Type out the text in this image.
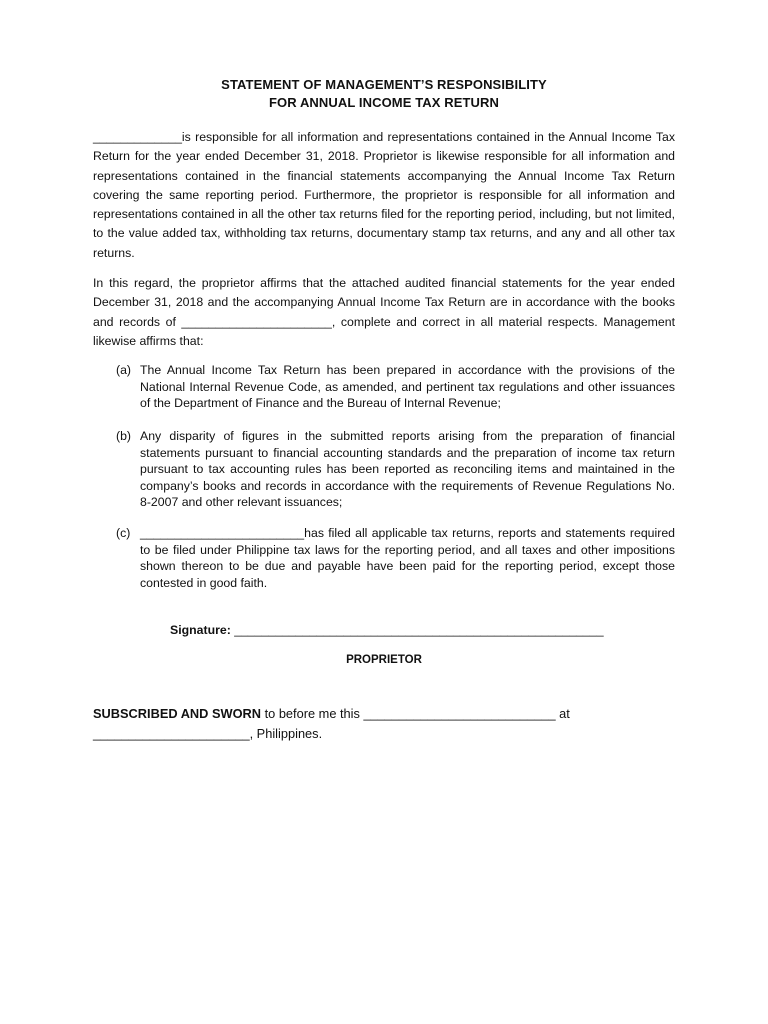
STATEMENT OF MANAGEMENT’S RESPONSIBILITY
FOR ANNUAL INCOME TAX RETURN

_____________is responsible for all information and representations contained in the Annual Income Tax Return for the year ended December 31, 2018. Proprietor is likewise responsible for all information and representations contained in the financial statements accompanying the Annual Income Tax Return covering the same reporting period. Furthermore, the proprietor is responsible for all information and representations contained in all the other tax returns filed for the reporting period, including, but not limited, to the value added tax, withholding tax returns, documentary stamp tax returns, and any and all other tax returns.

In this regard, the proprietor affirms that the attached audited financial statements for the year ended December 31, 2018 and the accompanying Annual Income Tax Return are in accordance with the books and records of ______________________, complete and correct in all material respects. Management likewise affirms that:

(a) The Annual Income Tax Return has been prepared in accordance with the provisions of the National Internal Revenue Code, as amended, and pertinent tax regulations and other issuances of the Department of Finance and the Bureau of Internal Revenue;
(b) Any disparity of figures in the submitted reports arising from the preparation of financial statements pursuant to financial accounting standards and the preparation of income tax return pursuant to tax accounting rules has been reported as reconciling items and maintained in the company’s books and records in accordance with the requirements of Revenue Regulations No. 8-2007 and other relevant issuances;
(c) ________________________has filed all applicable tax returns, reports and statements required to be filed under Philippine tax laws for the reporting period, and all taxes and other impositions shown thereon to be due and payable have been paid for the reporting period, except those contested in good faith.
Signature: ______________________________________________________
PROPRIETOR
SUBSCRIBED AND SWORN to before me this ___________________________ at
______________________, Philippines.
